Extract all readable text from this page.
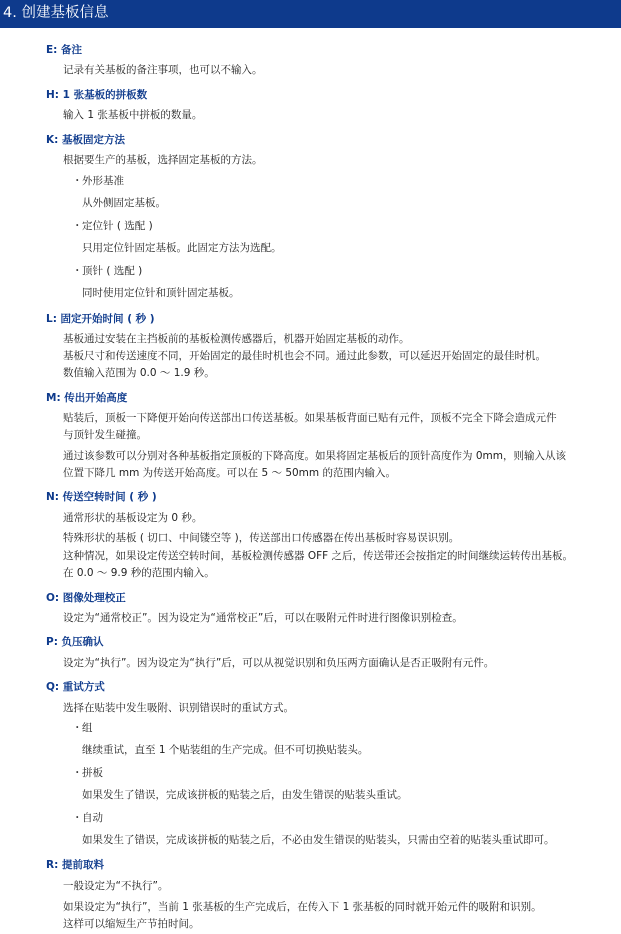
4. 创建基板信息
E: 备注
记录有关基板的备注事项，也可以不输入。
H: 1 张基板的拼板数
输入 1 张基板中拼板的数量。
K: 基板固定方法
根据要生产的基板，选择固定基板的方法。
・外形基准
从外侧固定基板。
・定位针 ( 选配 )
只用定位针固定基板。此固定方法为选配。
・顶针 ( 选配 )
同时使用定位针和顶针固定基板。
L: 固定开始时间 ( 秒 )
基板通过安装在主挡板前的基板检测传感器后，机器开始固定基板的动作。
基板尺寸和传送速度不同，开始固定的最佳时机也会不同。通过此参数，可以延迟开始固定的最佳时机。
数值输入范围为 0.0 ～ 1.9 秒。
M: 传出开始高度
贴装后，顶板一下降便开始向传送部出口传送基板。如果基板背面已贴有元件，顶板不完全下降会造成元件
与顶针发生碰撞。
通过该参数可以分别对各种基板指定顶板的下降高度。如果将固定基板后的顶针高度作为 0mm，则输入从该
位置下降几 mm 为传送开始高度。可以在 5 ～ 50mm 的范围内输入。
N: 传送空转时间 ( 秒 )
通常形状的基板设定为 0 秒。
特殊形状的基板 ( 切口、中间镂空等 )，传送部出口传感器在传出基板时容易误识别。
这种情况，如果设定传送空转时间，基板检测传感器 OFF 之后，传送带还会按指定的时间继续运转传出基板。
在 0.0 ～ 9.9 秒的范围内输入。
O: 图像处理校正
设定为“通常校正”。因为设定为“通常校正”后，可以在吸附元件时进行图像识别检查。
P: 负压确认
设定为“执行”。因为设定为“执行”后，可以从视觉识别和负压两方面确认是否正吸附有元件。
Q: 重试方式
选择在贴装中发生吸附、识别错误时的重试方式。
・组
继续重试，直至 1 个贴装组的生产完成。但不可切换贴装头。
・拼板
如果发生了错误，完成该拼板的贴装之后，由发生错误的贴装头重试。
・自动
如果发生了错误，完成该拼板的贴装之后，不必由发生错误的贴装头，只需由空着的贴装头重试即可。
R: 提前取料
一般设定为“不执行”。
如果设定为“执行”，当前 1 张基板的生产完成后，在传入下 1 张基板的同时就开始元件的吸附和识别。
这样可以缩短生产节拍时间。
